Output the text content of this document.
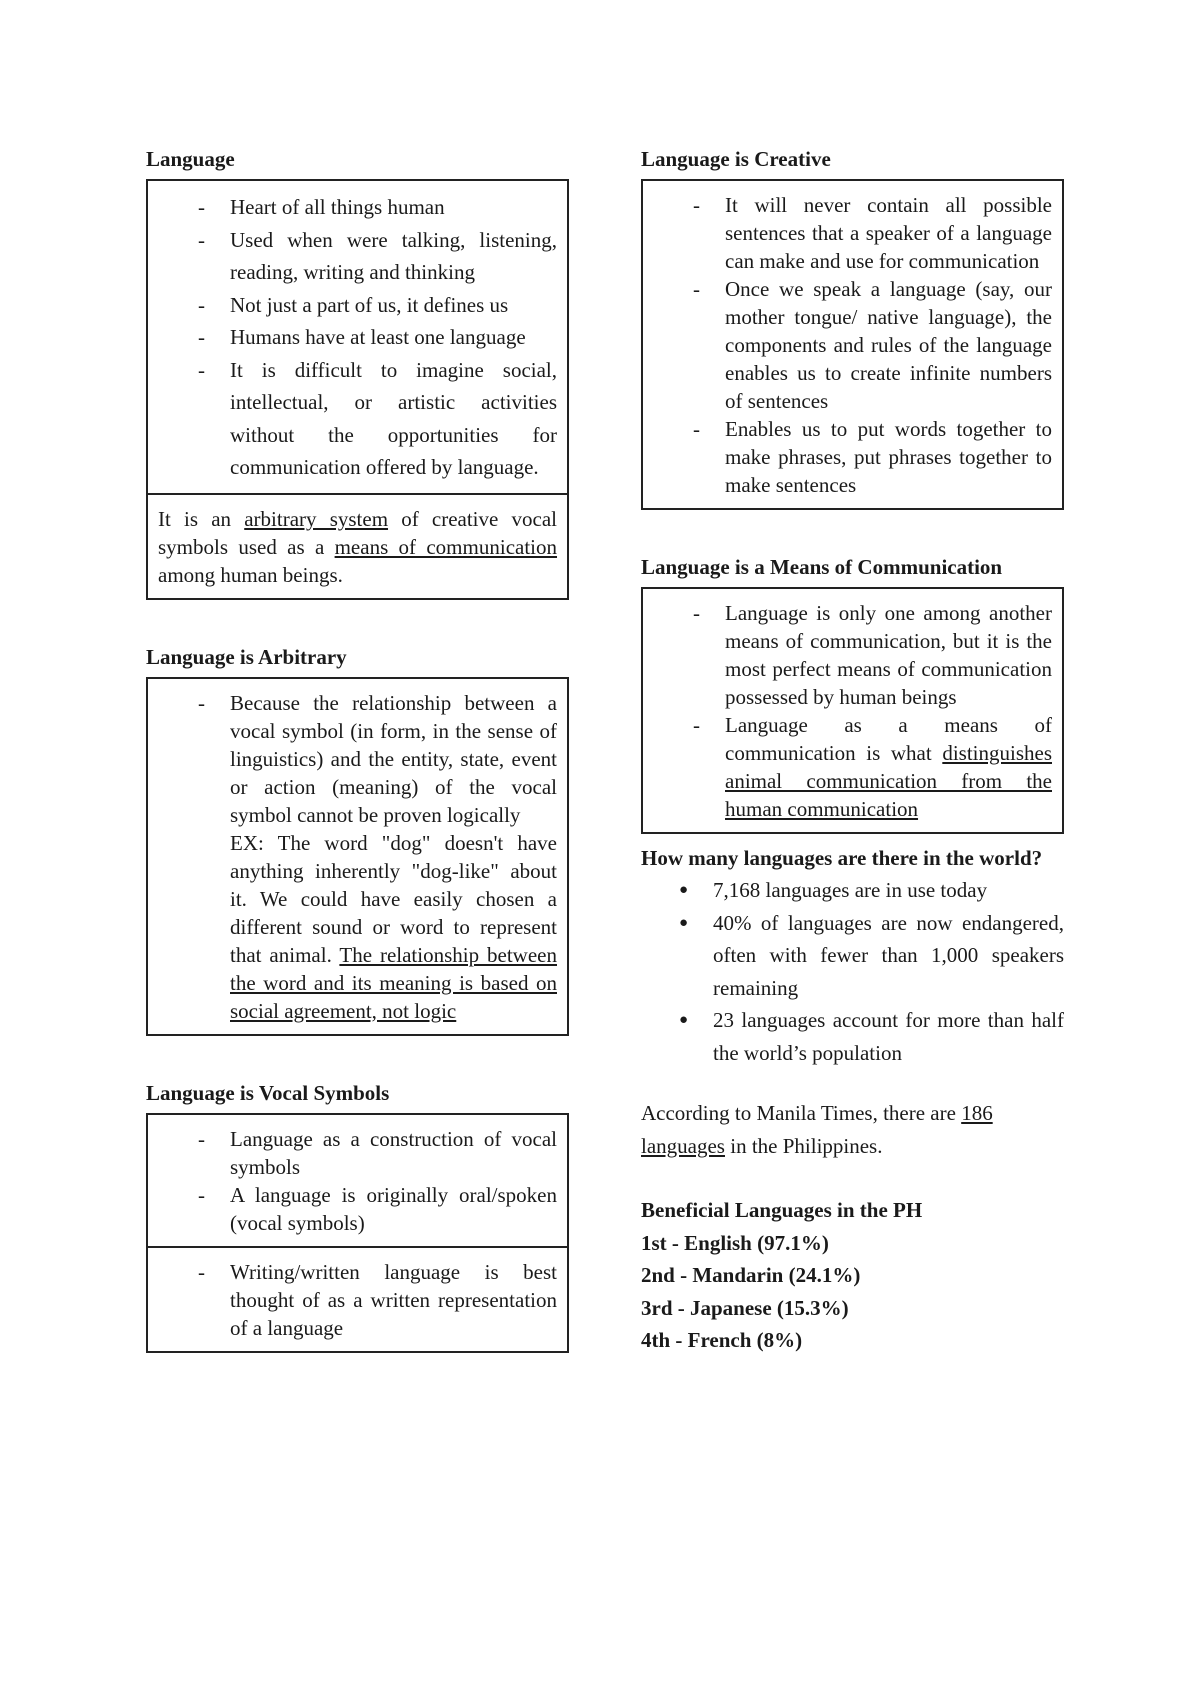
Language
- Heart of all things human
- Used when were talking, listening, reading, writing and thinking
- Not just a part of us, it defines us
- Humans have at least one language
- It is difficult to imagine social, intellectual, or artistic activities without the opportunities for communication offered by language.

It is an arbitrary system of creative vocal symbols used as a means of communication among human beings.

Language is Arbitrary
- Because the relationship between a vocal symbol (in form, in the sense of linguistics) and the entity, state, event or action (meaning) of the vocal symbol cannot be proven logically
EX: The word "dog" doesn't have anything inherently "dog-like" about it. We could have easily chosen a different sound or word to represent that animal. The relationship between the word and its meaning is based on social agreement, not logic
Language is Vocal Symbols
- Language as a construction of vocal symbols
- A language is originally oral/spoken (vocal symbols)
- Writing/written language is best thought of as a written representation of a language
Language is Creative
- It will never contain all possible sentences that a speaker of a language can make and use for communication
- Once we speak a language (say, our mother tongue/ native language), the components and rules of the language enables us to create infinite numbers of sentences
- Enables us to put words together to make phrases, put phrases together to make sentences
Language is a Means of Communication
- Language is only one among another means of communication, but it is the most perfect means of communication possessed by human beings
- Language as a means of communication is what distinguishes animal communication from the human communication

How many languages are there in the world?

● 7,168 languages are in use today
● 40% of languages are now endangered, often with fewer than 1,000 speakers remaining
● 23 languages account for more than half the world’s population

According to Manila Times, there are 186 languages in the Philippines.

Beneficial Languages in the PH

1st - English (97.1%)

2nd - Mandarin (24.1%)

3rd - Japanese (15.3%)

4th - French (8%)
